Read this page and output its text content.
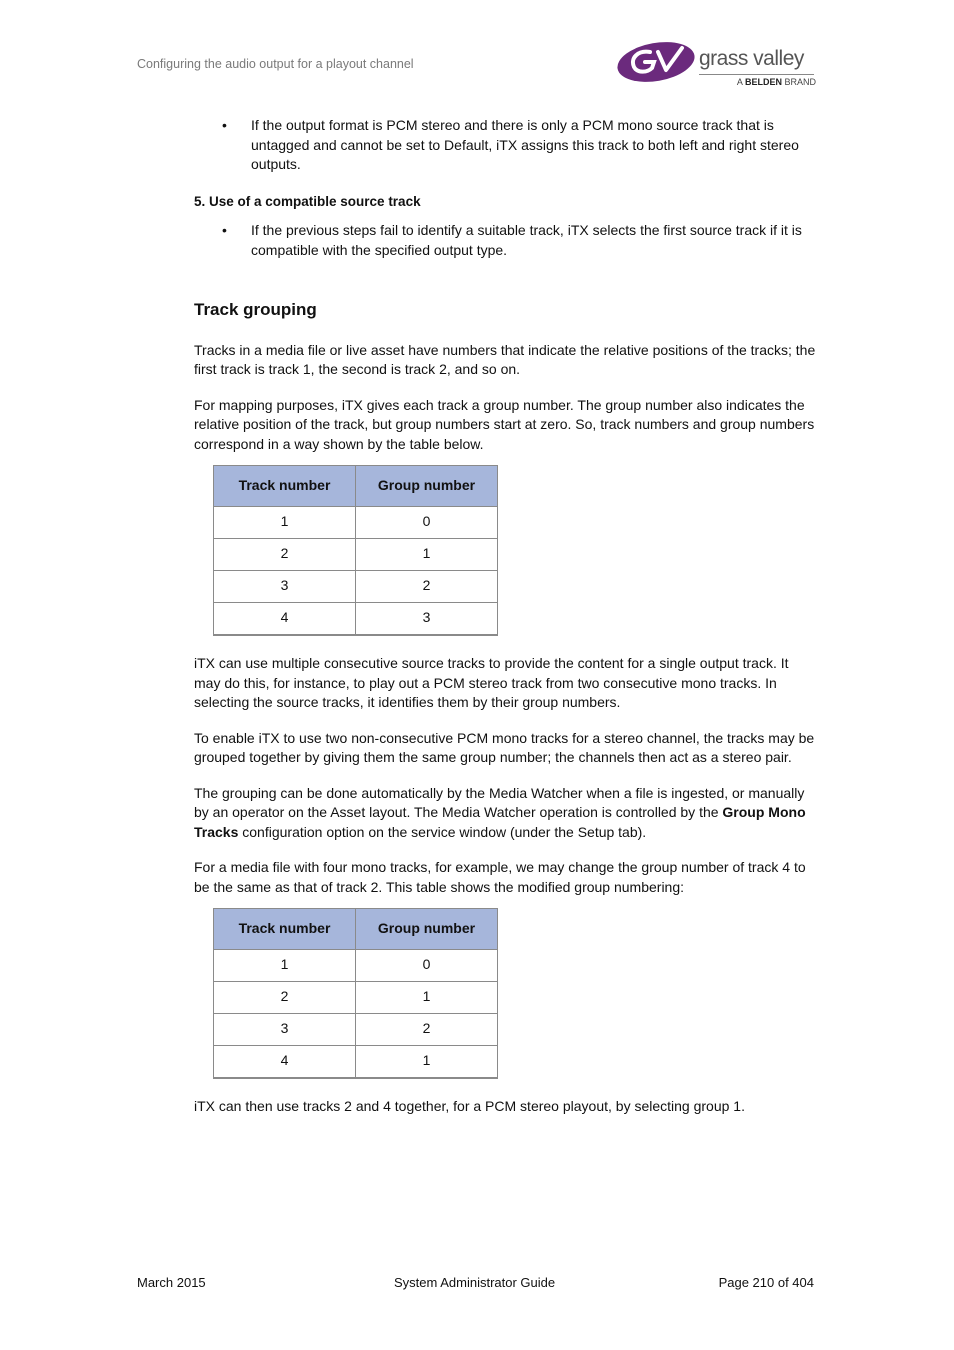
Configuring the audio output for a playout channel	grass valley
A BELDEN BRAND
• If the output format is PCM stereo and there is only a PCM mono source track that is untagged and cannot be set to Default, iTX assigns this track to both left and right stereo outputs.

5. Use of a compatible source track

• If the previous steps fail to identify a suitable track, iTX selects the first source track if it is compatible with the specified output type.

Track grouping

Tracks in a media file or live asset have numbers that indicate the relative positions of the tracks; the first track is track 1, the second is track 2, and so on.

For mapping purposes, iTX gives each track a group number. The group number also indicates the relative position of the track, but group numbers start at zero. So, track numbers and group numbers correspond in a way shown by the table below.

Track number	Group number
1	0
2	1
3	2
4	3

iTX can use multiple consecutive source tracks to provide the content for a single output track. It may do this, for instance, to play out a PCM stereo track from two consecutive mono tracks. In selecting the source tracks, it identifies them by their group numbers.

To enable iTX to use two non-consecutive PCM mono tracks for a stereo channel, the tracks may be grouped together by giving them the same group number; the channels then act as a stereo pair.

The grouping can be done automatically by the Media Watcher when a file is ingested, or manually by an operator on the Asset layout. The Media Watcher operation is controlled by the Group Mono Tracks configuration option on the service window (under the Setup tab).

For a media file with four mono tracks, for example, we may change the group number of track 4 to be the same as that of track 2. This table shows the modified group numbering:

Track number	Group number
1	0
2	1
3	2
4	1

iTX can then use tracks 2 and 4 together, for a PCM stereo playout, by selecting group 1.

March 2015	System Administrator Guide	Page 210 of 404
